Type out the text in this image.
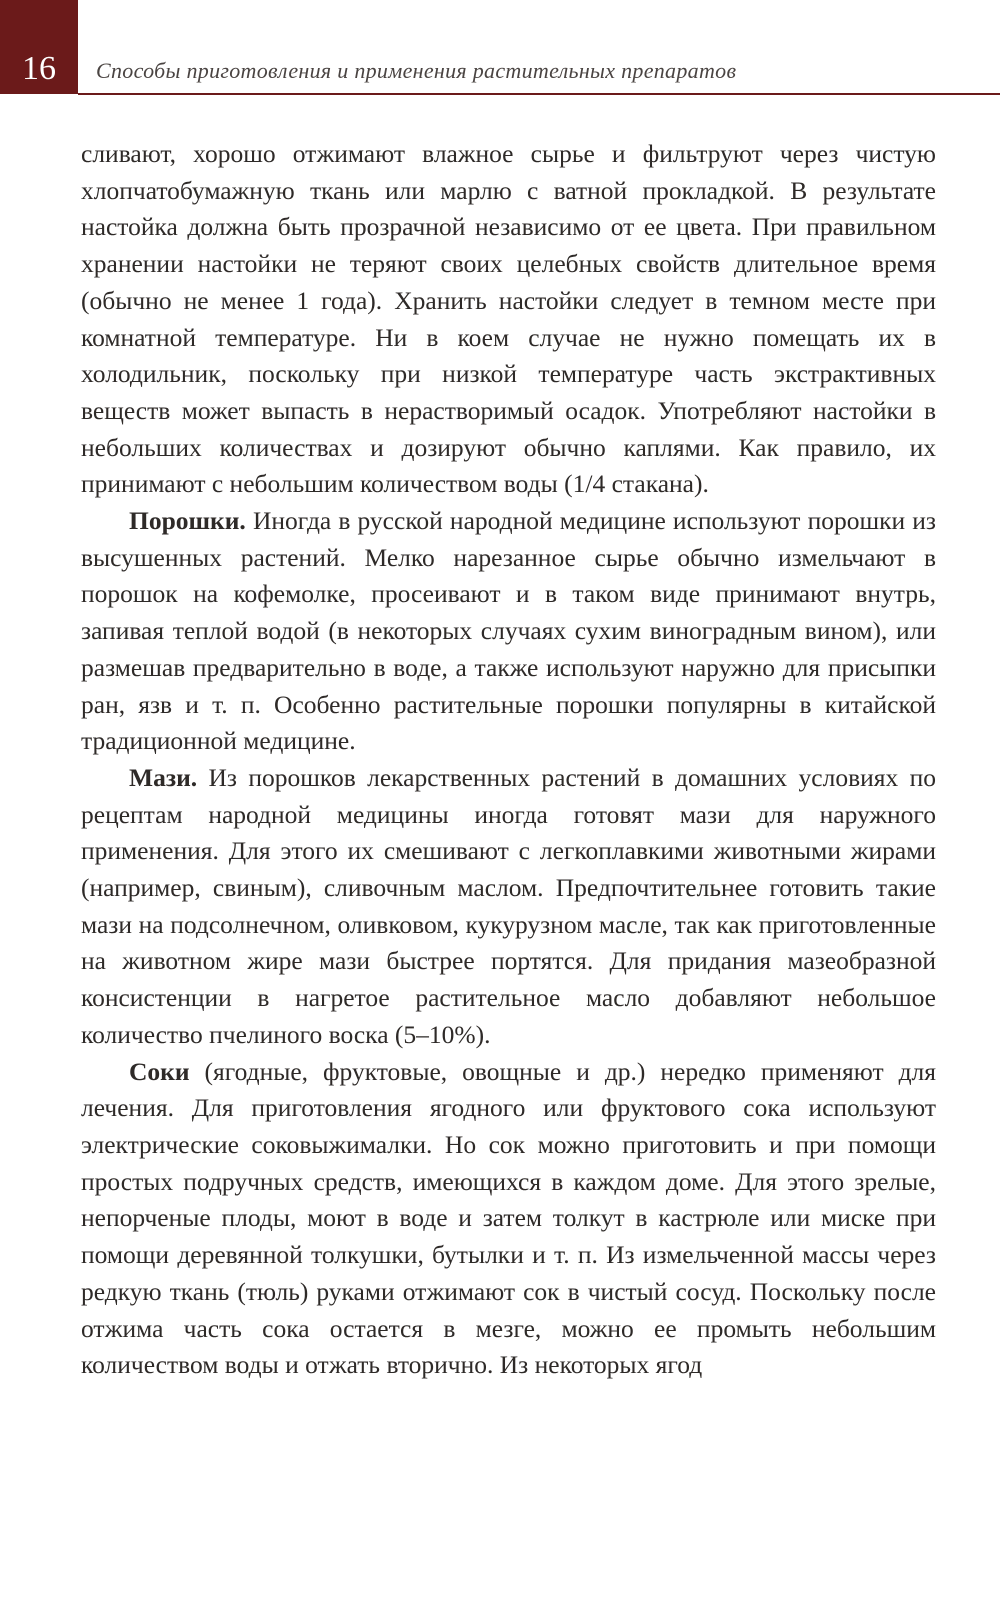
16 Способы приготовления и применения растительных препаратов

сливают, хорошо отжимают влажное сырье и фильтруют через чистую хлопчатобумажную ткань или марлю с ватной прокладкой. В результате настойка должна быть прозрачной независимо от ее цвета. При правильном хранении настойки не теряют своих целебных свойств длительное время (обычно не менее 1 года). Хранить настойки следует в темном месте при комнатной температуре. Ни в коем случае не нужно помещать их в холодильник, поскольку при низкой температуре часть экстрактивных веществ может выпасть в нерастворимый осадок. Употребляют настойки в небольших количествах и дозируют обычно каплями. Как правило, их принимают с небольшим количеством воды (1/4 стакана).

Порошки. Иногда в русской народной медицине используют порошки из высушенных растений. Мелко нарезанное сырье обычно измельчают в порошок на кофемолке, просеивают и в таком виде принимают внутрь, запивая теплой водой (в некоторых случаях сухим виноградным вином), или размешав предварительно в воде, а также используют наружно для присыпки ран, язв и т. п. Особенно растительные порошки популярны в китайской традиционной медицине.

Мази. Из порошков лекарственных растений в домашних условиях по рецептам народной медицины иногда готовят мази для наружного применения. Для этого их смешивают с легкоплавкими животными жирами (например, свиным), сливочным маслом. Предпочтительнее готовить такие мази на подсолнечном, оливковом, кукурузном масле, так как приготовленные на животном жире мази быстрее портятся. Для придания мазеобразной консистенции в нагретое растительное масло добавляют небольшое количество пчелиного воска (5–10%).

Соки (ягодные, фруктовые, овощные и др.) нередко применяют для лечения. Для приготовления ягодного или фруктового сока используют электрические соковыжималки. Но сок можно приготовить и при помощи простых подручных средств, имеющихся в каждом доме. Для этого зрелые, непорченые плоды, моют в воде и затем толкут в кастрюле или миске при помощи деревянной толкушки, бутылки и т. п. Из измельченной массы через редкую ткань (тюль) руками отжимают сок в чистый сосуд. Поскольку после отжима часть сока остается в мезге, можно ее промыть небольшим количеством воды и отжать вторично. Из некоторых ягод
